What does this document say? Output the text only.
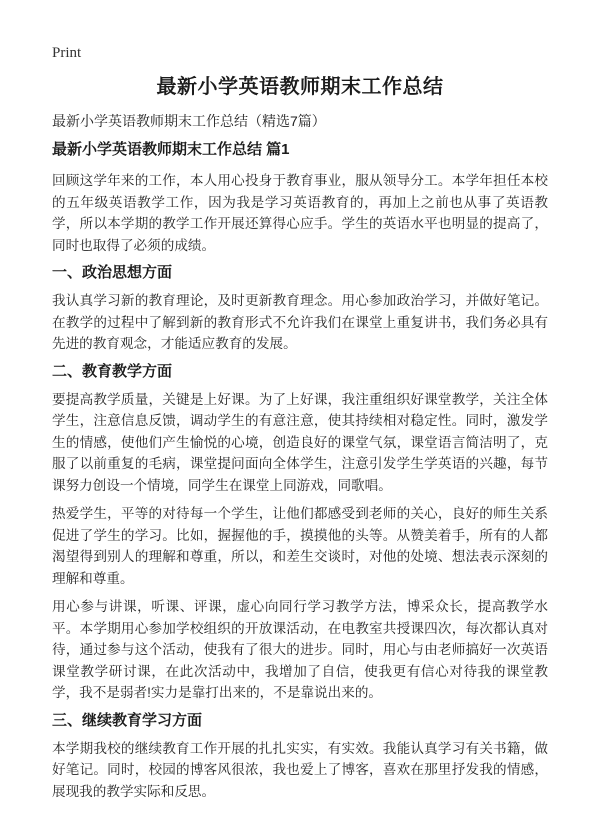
Print
最新小学英语教师期末工作总结

最新小学英语教师期末工作总结（精选7篇）

最新小学英语教师期末工作总结 篇1

回顾这学年来的工作，本人用心投身于教育事业，服从领导分工。本学年担任本校的五年级英语教学工作，因为我是学习英语教育的，再加上之前也从事了英语教学，所以本学期的教学工作开展还算得心应手。学生的英语水平也明显的提高了，同时也取得了必须的成绩。

一、政治思想方面

我认真学习新的教育理论，及时更新教育理念。用心参加政治学习，并做好笔记。在教学的过程中了解到新的教育形式不允许我们在课堂上重复讲书，我们务必具有先进的教育观念，才能适应教育的发展。

二、教育教学方面

要提高教学质量，关键是上好课。为了上好课，我注重组织好课堂教学，关注全体学生，注意信息反馈，调动学生的有意注意，使其持续相对稳定性。同时，激发学生的情感，使他们产生愉悦的心境，创造良好的课堂气氛，课堂语言简洁明了，克服了以前重复的毛病，课堂提问面向全体学生，注意引发学生学英语的兴趣，每节课努力创设一个情境，同学生在课堂上同游戏，同歌唱。

热爱学生，平等的对待每一个学生，让他们都感受到老师的关心，良好的师生关系促进了学生的学习。比如，握握他的手，摸摸他的头等。从赞美着手，所有的人都渴望得到别人的理解和尊重，所以，和差生交谈时，对他的处境、想法表示深刻的理解和尊重。

用心参与讲课，听课、评课，虚心向同行学习教学方法，博采众长，提高教学水平。本学期用心参加学校组织的开放课活动，在电教室共授课四次，每次都认真对待，通过参与这个活动，使我有了很大的进步。同时，用心与由老师搞好一次英语课堂教学研讨课，在此次活动中，我增加了自信，使我更有信心对待我的课堂教学，我不是弱者!实力是靠打出来的，不是靠说出来的。

三、继续教育学习方面

本学期我校的继续教育工作开展的扎扎实实，有实效。我能认真学习有关书籍，做好笔记。同时，校园的博客风很浓，我也爱上了博客，喜欢在那里抒发我的情感，展现我的教学实际和反思。
